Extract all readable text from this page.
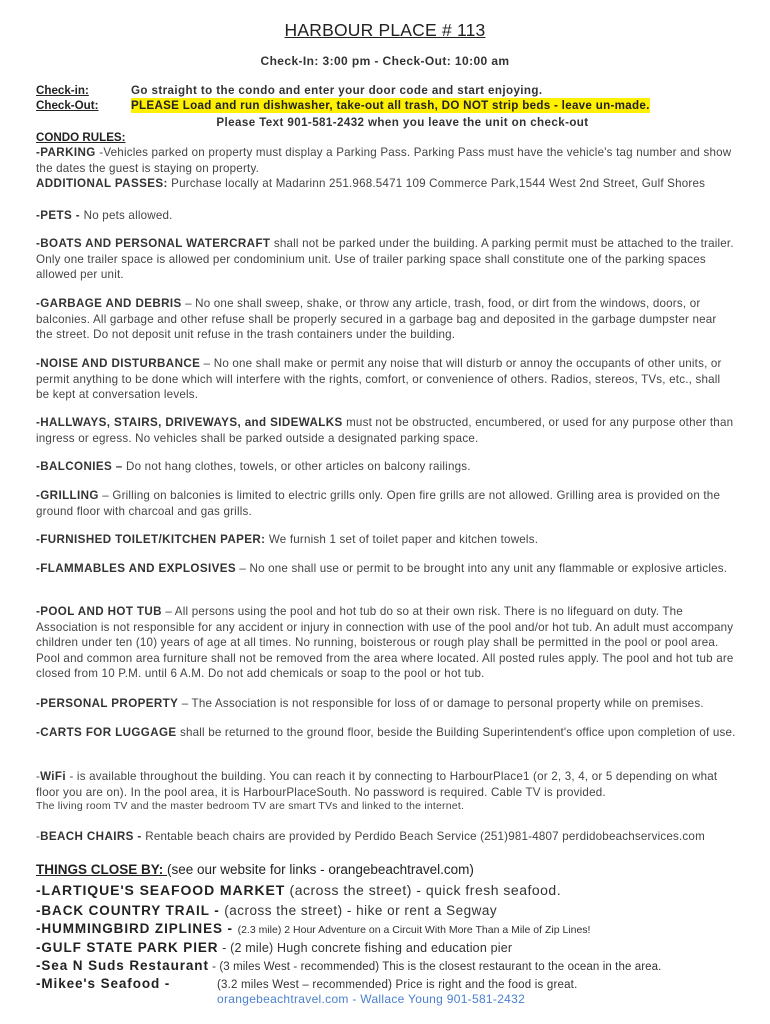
HARBOUR PLACE # 113
Check-In: 3:00 pm - Check-Out: 10:00 am
Check-in:	Go straight to the condo and enter your door code and start enjoying.
Check-Out:	PLEASE Load and run dishwasher, take-out all trash, DO NOT strip beds - leave un-made.
Please Text 901-581-2432 when you leave the unit on check-out
CONDO RULES:
-PARKING -Vehicles parked on property must display a Parking Pass. Parking Pass must have the vehicle's tag number and show the dates the guest is staying on property.
ADDITIONAL PASSES: Purchase locally at Madarinn 251.968.5471 109 Commerce Park,1544 West 2nd Street, Gulf Shores
-PETS - No pets allowed.
-BOATS AND PERSONAL WATERCRAFT shall not be parked under the building. A parking permit must be attached to the trailer. Only one trailer space is allowed per condominium unit. Use of trailer parking space shall constitute one of the parking spaces allowed per unit.
-GARBAGE AND DEBRIS – No one shall sweep, shake, or throw any article, trash, food, or dirt from the windows, doors, or balconies. All garbage and other refuse shall be properly secured in a garbage bag and deposited in the garbage dumpster near the street. Do not deposit unit refuse in the trash containers under the building.
-NOISE AND DISTURBANCE – No one shall make or permit any noise that will disturb or annoy the occupants of other units, or permit anything to be done which will interfere with the rights, comfort, or convenience of others. Radios, stereos, TVs, etc., shall be kept at conversation levels.
-HALLWAYS, STAIRS, DRIVEWAYS, and SIDEWALKS must not be obstructed, encumbered, or used for any purpose other than ingress or egress. No vehicles shall be parked outside a designated parking space.
-BALCONIES – Do not hang clothes, towels, or other articles on balcony railings.
-GRILLING – Grilling on balconies is limited to electric grills only. Open fire grills are not allowed. Grilling area is provided on the ground floor with charcoal and gas grills.
-FURNISHED TOILET/KITCHEN PAPER: We furnish 1 set of toilet paper and kitchen towels.
-FLAMMABLES AND EXPLOSIVES – No one shall use or permit to be brought into any unit any flammable or explosive articles.
-POOL AND HOT TUB – All persons using the pool and hot tub do so at their own risk. There is no lifeguard on duty. The Association is not responsible for any accident or injury in connection with use of the pool and/or hot tub. An adult must accompany children under ten (10) years of age at all times. No running, boisterous or rough play shall be permitted in the pool or pool area. Pool and common area furniture shall not be removed from the area where located. All posted rules apply. The pool and hot tub are closed from 10 P.M. until 6 A.M. Do not add chemicals or soap to the pool or hot tub.
-PERSONAL PROPERTY – The Association is not responsible for loss of or damage to personal property while on premises.
-CARTS FOR LUGGAGE shall be returned to the ground floor, beside the Building Superintendent's office upon completion of use.
-WiFi - is available throughout the building. You can reach it by connecting to HarbourPlace1 (or 2, 3, 4, or 5 depending on what floor you are on). In the pool area, it is HarbourPlaceSouth. No password is required. Cable TV is provided.
The living room TV and the master bedroom TV are smart TVs and linked to the internet.
-BEACH CHAIRS - Rentable beach chairs are provided by Perdido Beach Service (251)981-4807 perdidobeachservices.com
THINGS CLOSE BY: (see our website for links - orangebeachtravel.com)
-LARTIQUE'S SEAFOOD MARKET (across the street) - quick fresh seafood.
-BACK COUNTRY TRAIL - (across the street) - hike or rent a Segway
-HUMMINGBIRD ZIPLINES - (2.3 mile) 2 Hour Adventure on a Circuit With More Than a Mile of Zip Lines!
-GULF STATE PARK PIER - (2 mile) Hugh concrete fishing and education pier
-Sea N Suds Restaurant - (3 miles West - recommended) This is the closest restaurant to the ocean in the area.
-Mikee's Seafood -	(3.2 miles West – recommended) Price is right and the food is great.
orangebeachtravel.com - Wallace Young 901-581-2432
